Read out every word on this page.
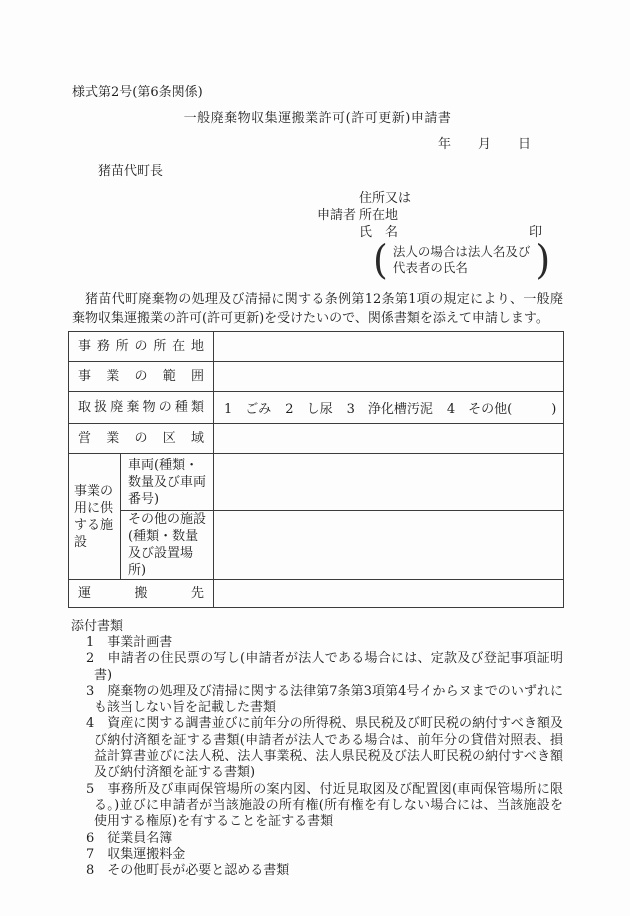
様式第2号(第6条関係)
一般廃棄物収集運搬業許可(許可更新)申請書
年 月 日
猪苗代町長
申請者
住所又は
所在地
氏　名	印
( 法人の場合は法人名及び
代表者の氏名	)
猪苗代町廃棄物の処理及び清掃に関する条例第12条第1項の規定により、一般廃棄物収集運搬業の許可(許可更新)を受けたいので、関係書類を添えて申請します。
事務所の所在地		
事業の範囲		
取扱廃棄物の種類		1　ごみ 2　し尿 3　浄化槽汚泥 4　その他(　　　)

営業の区域		
事業の用に供する施設	車両(種類・数量及び車両番号)	
	その他の施設(種類・数量及び設置場所)	
運搬先		
添付書類
1 事業計画書
2 申請者の住民票の写し(申請者が法人である場合には、定款及び登記事項証明書)
3 廃棄物の処理及び清掃に関する法律第7条第3項第4号イからヌまでのいずれにも該当しない旨を記載した書類
4 資産に関する調書並びに前年分の所得税、県民税及び町民税の納付すべき額及び納付済額を証する書類(申請者が法人である場合は、前年分の貸借対照表、損益計算書並びに法人税、法人事業税、法人県民税及び法人町民税の納付すべき額及び納付済額を証する書類)
5 事務所及び車両保管場所の案内図、付近見取図及び配置図(車両保管場所に限る。)並びに申請者が当該施設の所有権(所有権を有しない場合には、当該施設を使用する権原)を有することを証する書類
6 従業員名簿
7 収集運搬料金
8 その他町長が必要と認める書類
